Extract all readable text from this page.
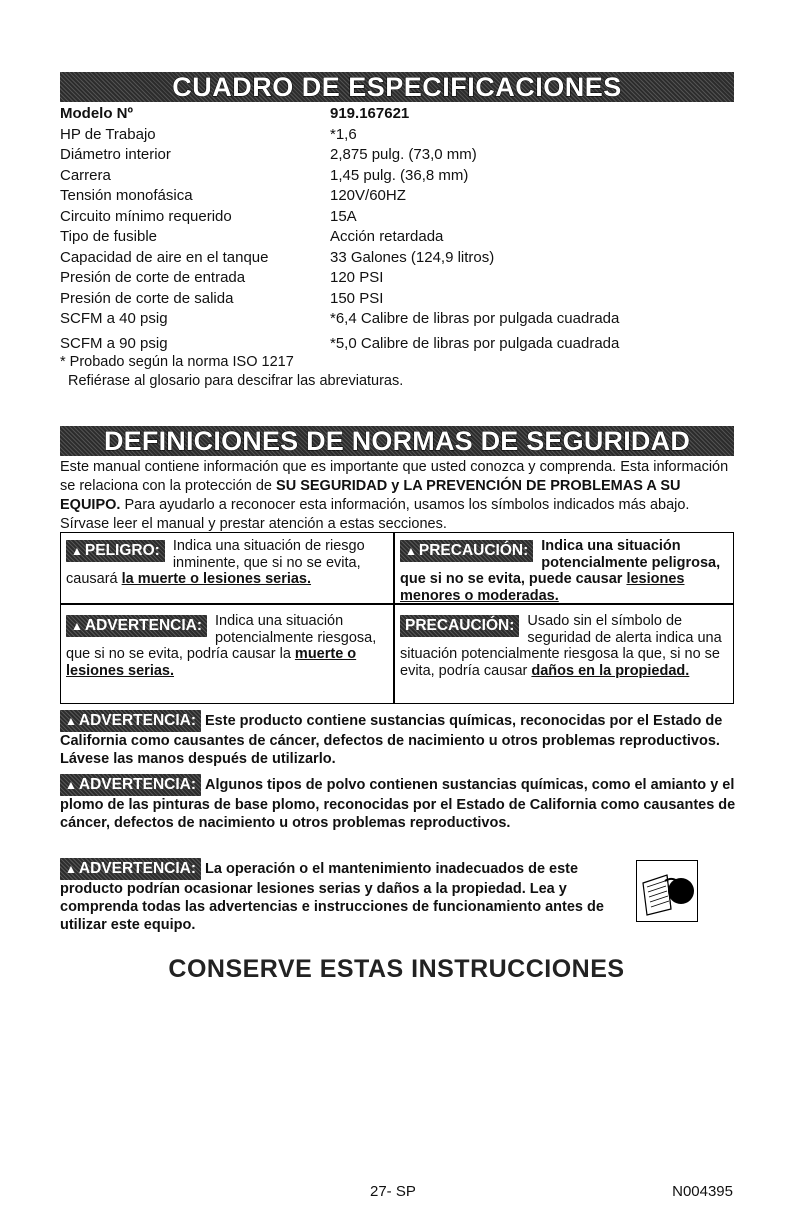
CUADRO DE ESPECIFICACIONES
Modelo Nº	919.167621
HP de Trabajo	*1,6
Diámetro interior	2,875 pulg. (73,0 mm)
Carrera	1,45 pulg. (36,8 mm)
Tensión monofásica	120V/60HZ
Circuito mínimo requerido	15A
Tipo de fusible	Acción retardada
Capacidad de aire en el tanque	33 Galones (124,9 litros)
Presión de corte de entrada	120 PSI
Presión de corte de salida	150 PSI
SCFM a 40 psig	*6,4 Calibre de libras por pulgada cuadrada
SCFM a 90 psig	*5,0 Calibre de libras por pulgada cuadrada
* Probado según la norma ISO 1217
Refiérase al glosario para descifrar las abreviaturas.
DEFINICIONES DE NORMAS DE SEGURIDAD
Este manual contiene información que es importante que usted conozca y comprenda. Esta información se relaciona con la protección de SU SEGURIDAD y LA PREVENCIÓN DE PROBLEMAS A SU EQUIPO. Para ayudarlo a reconocer esta información, usamos los símbolos indicados más abajo. Sírvase leer el manual y prestar atención a estas secciones.
▲ PELIGRO: Indica una situación de riesgo inminente, que si no se evita, causará la muerte o lesiones serias.
▲ PRECAUCIÓN: Indica una situación potencialmente peligrosa, que si no se evita, puede causar lesiones menores o moderadas.
▲ ADVERTENCIA: Indica una situación potencialmente riesgosa, que si no se evita, podría causar la muerte o lesiones serias.
PRECAUCIÓN: Usado sin el símbolo de seguridad de alerta indica una situación potencialmente riesgosa la que, si no se evita, podría causar daños en la propiedad.
▲ ADVERTENCIA: Este producto contiene sustancias químicas, reconocidas por el Estado de California como causantes de cáncer, defectos de nacimiento u otros problemas reproductivos. Lávese las manos después de utilizarlo.
▲ ADVERTENCIA: Algunos tipos de polvo contienen sustancias químicas, como el amianto y el plomo de las pinturas de base plomo, reconocidas por el Estado de California como causantes de cáncer, defectos de nacimiento u otros problemas reproductivos.
▲ ADVERTENCIA: La operación o el mantenimiento inadecuados de este producto podrían ocasionar lesiones serias y daños a la propiedad. Lea y comprenda todas las advertencias e instrucciones de funcionamiento antes de utilizar este equipo.
CONSERVE ESTAS INSTRUCCIONES
27- SP	N004395
